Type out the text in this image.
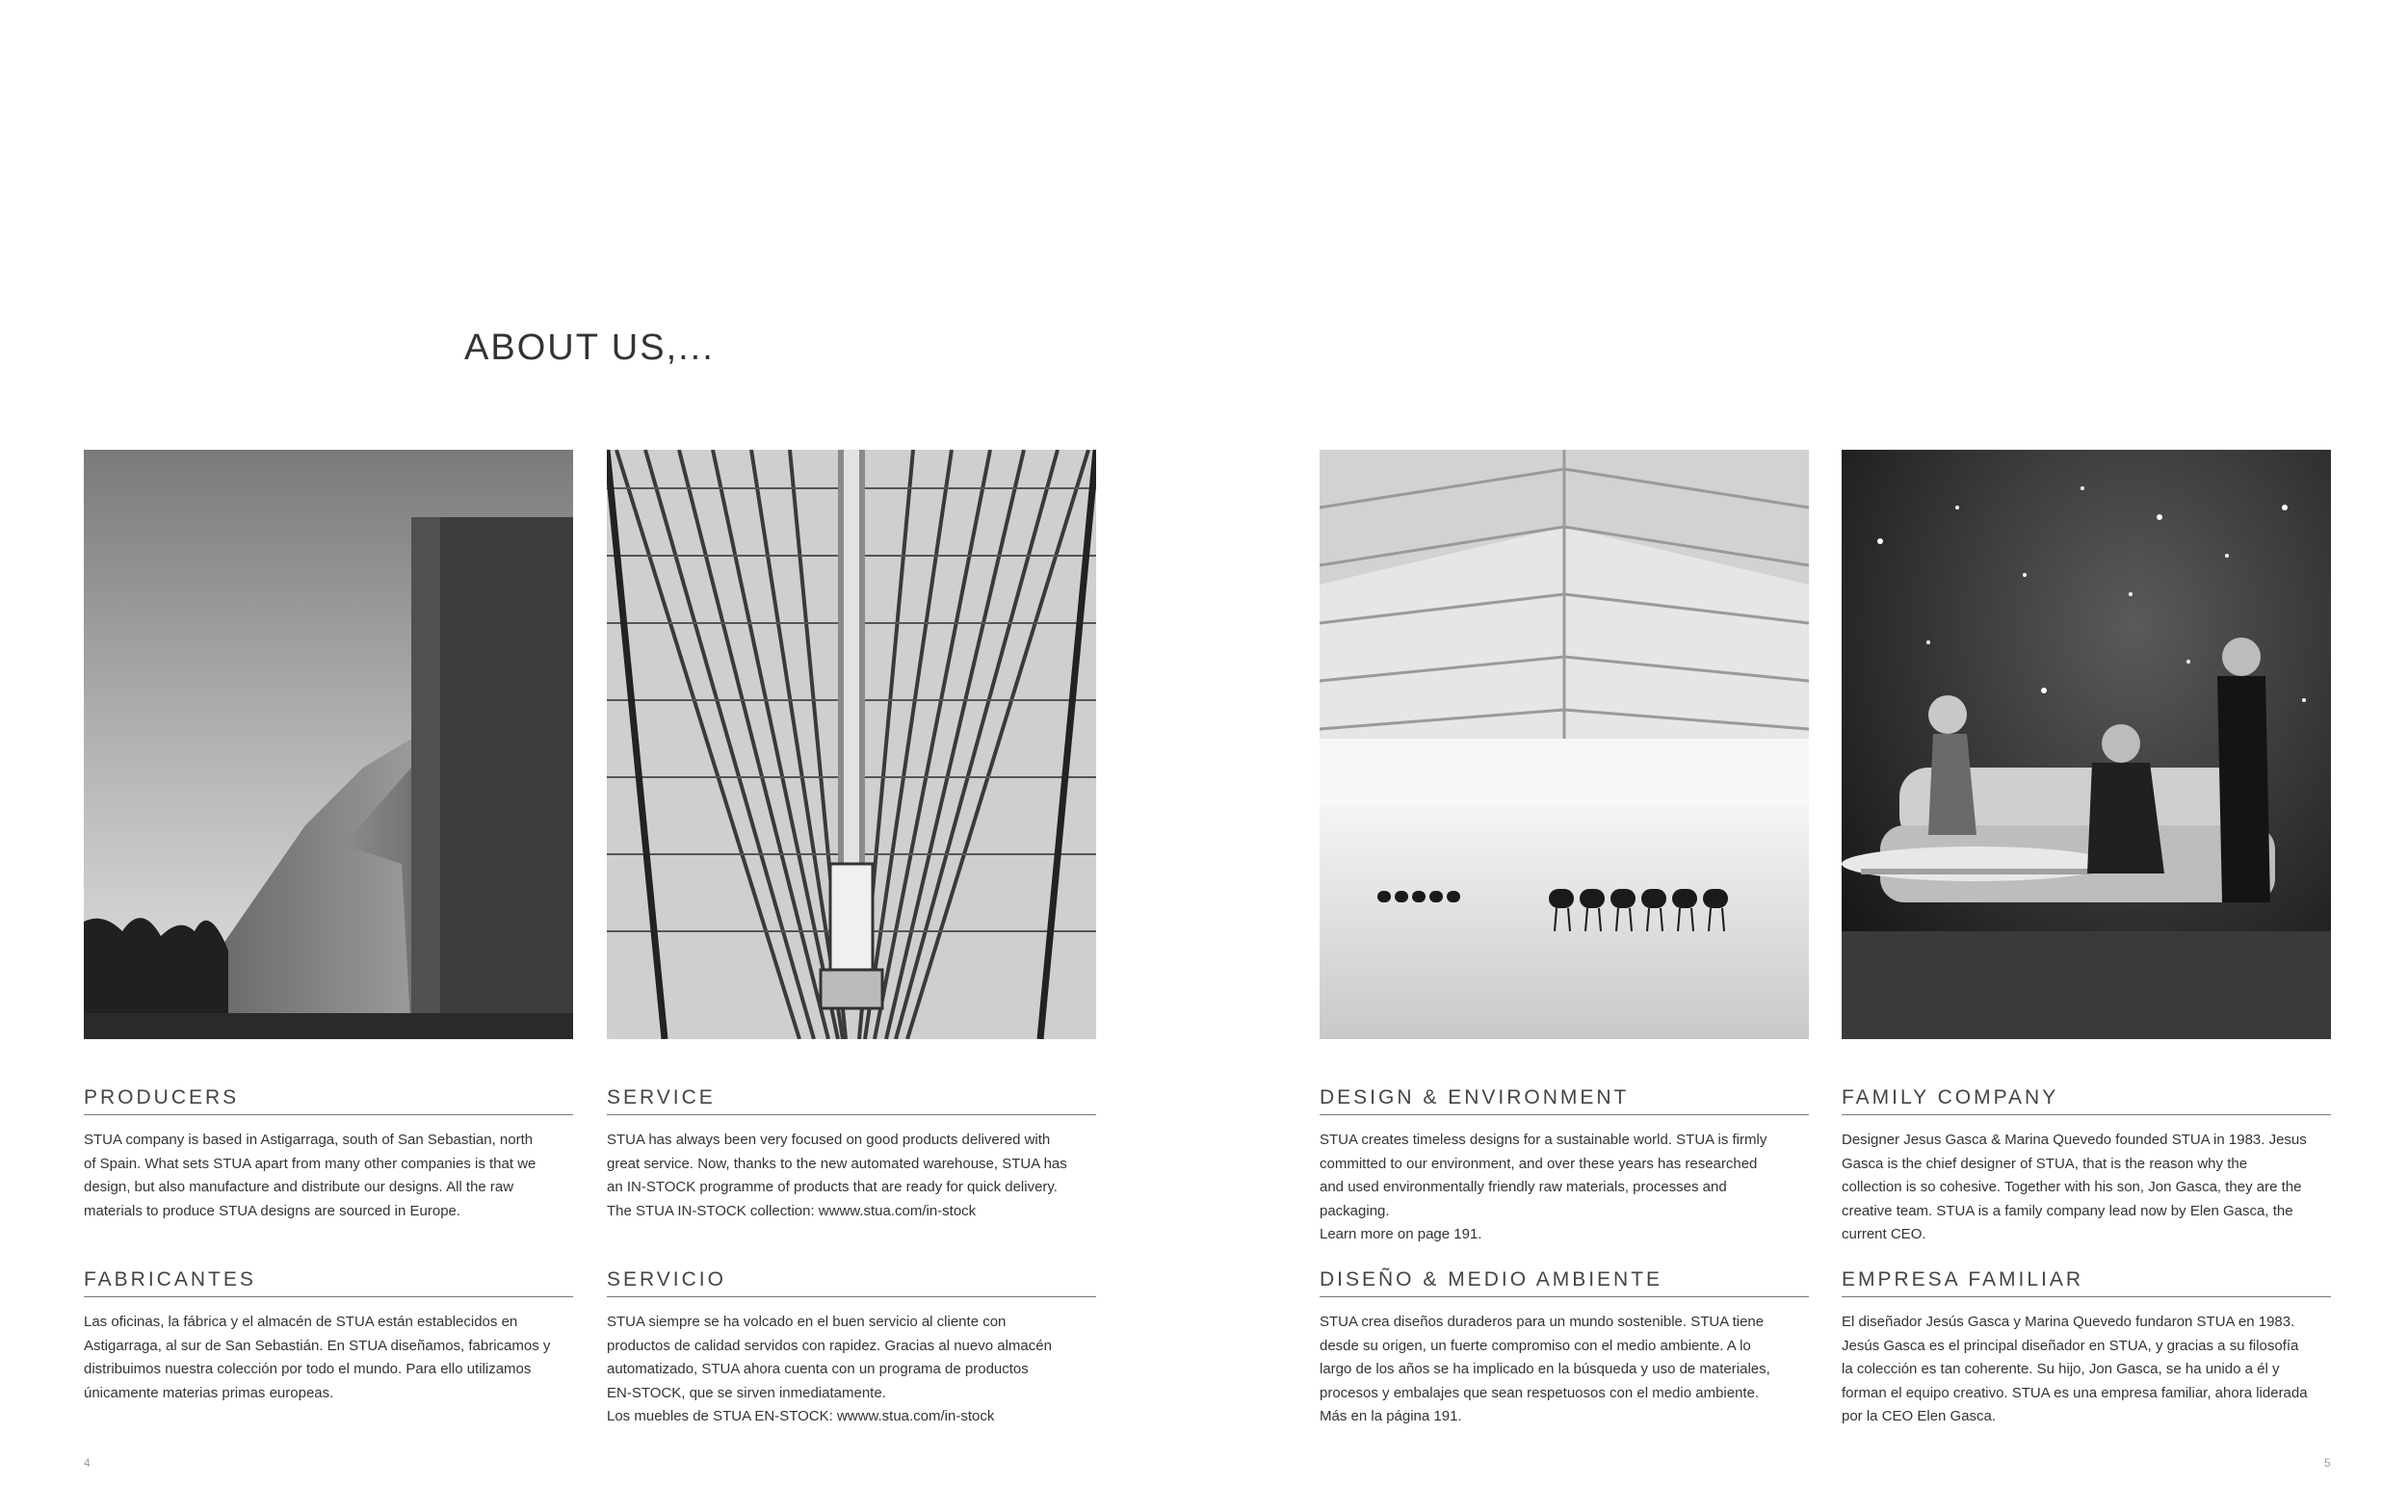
ABOUT US,...
PRODUCERS

STUA company is based in Astigarraga, south of San Sebastian, north
of Spain. What sets STUA apart from many other companies is that we
design, but also manufacture and distribute our designs. All the raw
materials to produce STUA designs are sourced in Europe.

FABRICANTES

Las oficinas, la fábrica y el almacén de STUA están establecidos en
Astigarraga, al sur de San Sebastián. En STUA diseñamos, fabricamos y
distribuimos nuestra colección por todo el mundo. Para ello utilizamos
únicamente materias primas europeas.

SERVICE

STUA has always been very focused on good products delivered with
great service. Now, thanks to the new automated warehouse, STUA has
an IN-STOCK programme of products that are ready for quick delivery.
The STUA IN-STOCK collection: wwww.stua.com/in-stock

SERVICIO

STUA siempre se ha volcado en el buen servicio al cliente con
productos de calidad servidos con rapidez. Gracias al nuevo almacén
automatizado, STUA ahora cuenta con un programa de productos
EN-STOCK, que se sirven inmediatamente.
Los muebles de STUA EN-STOCK: wwww.stua.com/in-stock

DESIGN & ENVIRONMENT

STUA creates timeless designs for a sustainable world. STUA is firmly
committed to our environment, and over these years has researched
and used environmentally friendly raw materials, processes and
packaging.
Learn more on page 191.

DISEÑO & MEDIO AMBIENTE

STUA crea diseños duraderos para un mundo sostenible. STUA tiene
desde su origen, un fuerte compromiso con el medio ambiente. A lo
largo de los años se ha implicado en la búsqueda y uso de materiales,
procesos y embalajes que sean respetuosos con el medio ambiente.
Más en la página 191.

FAMILY COMPANY

Designer Jesus Gasca & Marina Quevedo founded STUA in 1983. Jesus
Gasca is the chief designer of STUA, that is the reason why the
collection is so cohesive. Together with his son, Jon Gasca, they are the
creative team. STUA is a family company lead now by Elen Gasca, the
current CEO.

EMPRESA FAMILIAR

El diseñador Jesús Gasca y Marina Quevedo fundaron STUA en 1983.
Jesús Gasca es el principal diseñador en STUA, y gracias a su filosofía
la colección es tan coherente. Su hijo, Jon Gasca, se ha unido a él y
forman el equipo creativo. STUA es una empresa familiar, ahora liderada
por la CEO Elen Gasca.

4	5
